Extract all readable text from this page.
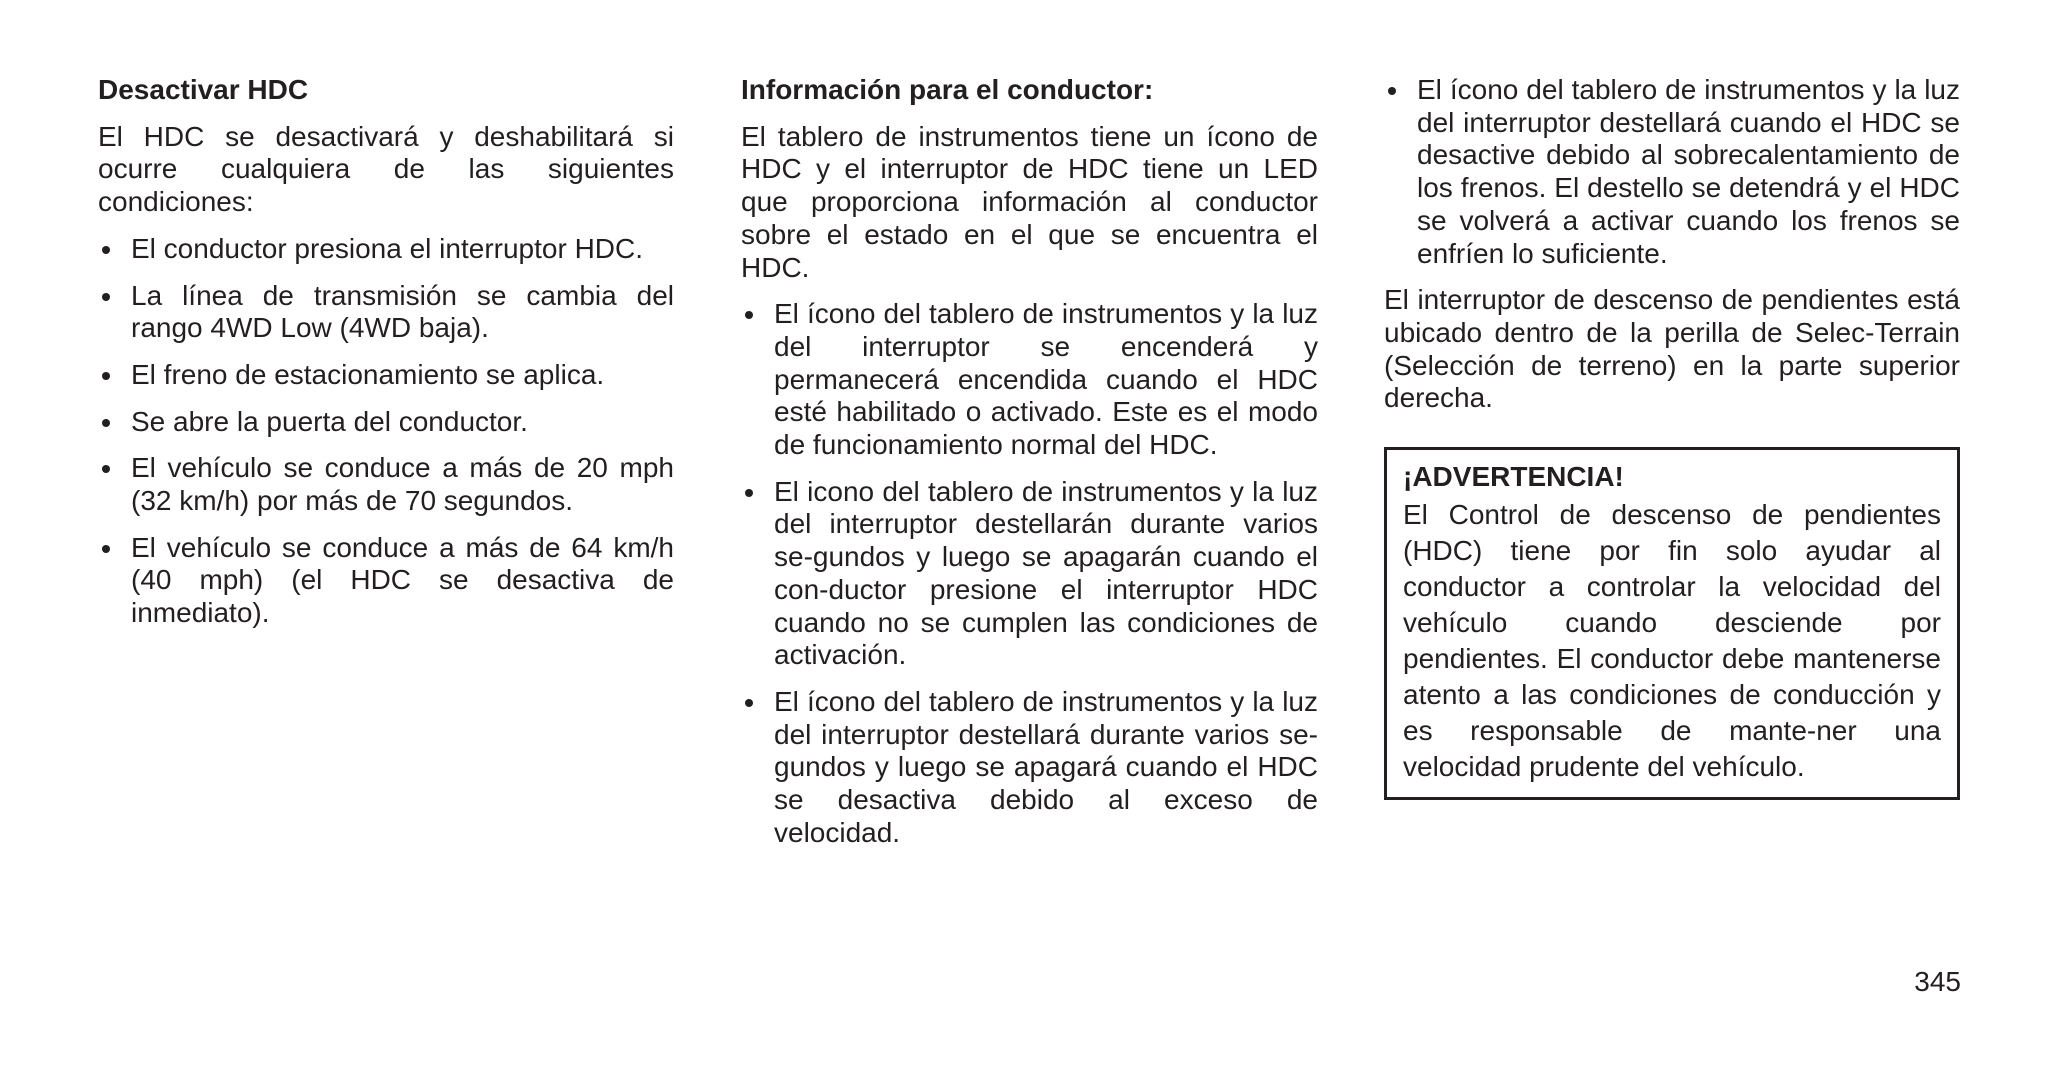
Desactivar HDC
El HDC se desactivará y deshabilitará si ocurre cualquiera de las siguientes condiciones:
El conductor presiona el interruptor HDC.
La línea de transmisión se cambia del rango 4WD Low (4WD baja).
El freno de estacionamiento se aplica.
Se abre la puerta del conductor.
El vehículo se conduce a más de 20 mph (32 km/h) por más de 70 segundos.
El vehículo se conduce a más de 64 km/h (40 mph) (el HDC se desactiva de inmediato).
Información para el conductor:
El tablero de instrumentos tiene un ícono de HDC y el interruptor de HDC tiene un LED que proporciona información al conductor sobre el estado en el que se encuentra el HDC.
El ícono del tablero de instrumentos y la luz del interruptor se encenderá y permanecerá encendida cuando el HDC esté habilitado o activado. Este es el modo de funcionamiento normal del HDC.
El icono del tablero de instrumentos y la luz del interruptor destellarán durante varios se-gundos y luego se apagarán cuando el con-ductor presione el interruptor HDC cuando no se cumplen las condiciones de activación.
El ícono del tablero de instrumentos y la luz del interruptor destellará durante varios se-gundos y luego se apagará cuando el HDC se desactiva debido al exceso de velocidad.
El ícono del tablero de instrumentos y la luz del interruptor destellará cuando el HDC se desactive debido al sobrecalentamiento de los frenos. El destello se detendrá y el HDC se volverá a activar cuando los frenos se enfríen lo suficiente.
El interruptor de descenso de pendientes está ubicado dentro de la perilla de Selec-Terrain (Selección de terreno) en la parte superior derecha.
¡ADVERTENCIA!
El Control de descenso de pendientes (HDC) tiene por fin solo ayudar al conductor a controlar la velocidad del vehículo cuando desciende por pendientes. El conductor debe mantenerse atento a las condiciones de conducción y es responsable de mante-ner una velocidad prudente del vehículo.
345
